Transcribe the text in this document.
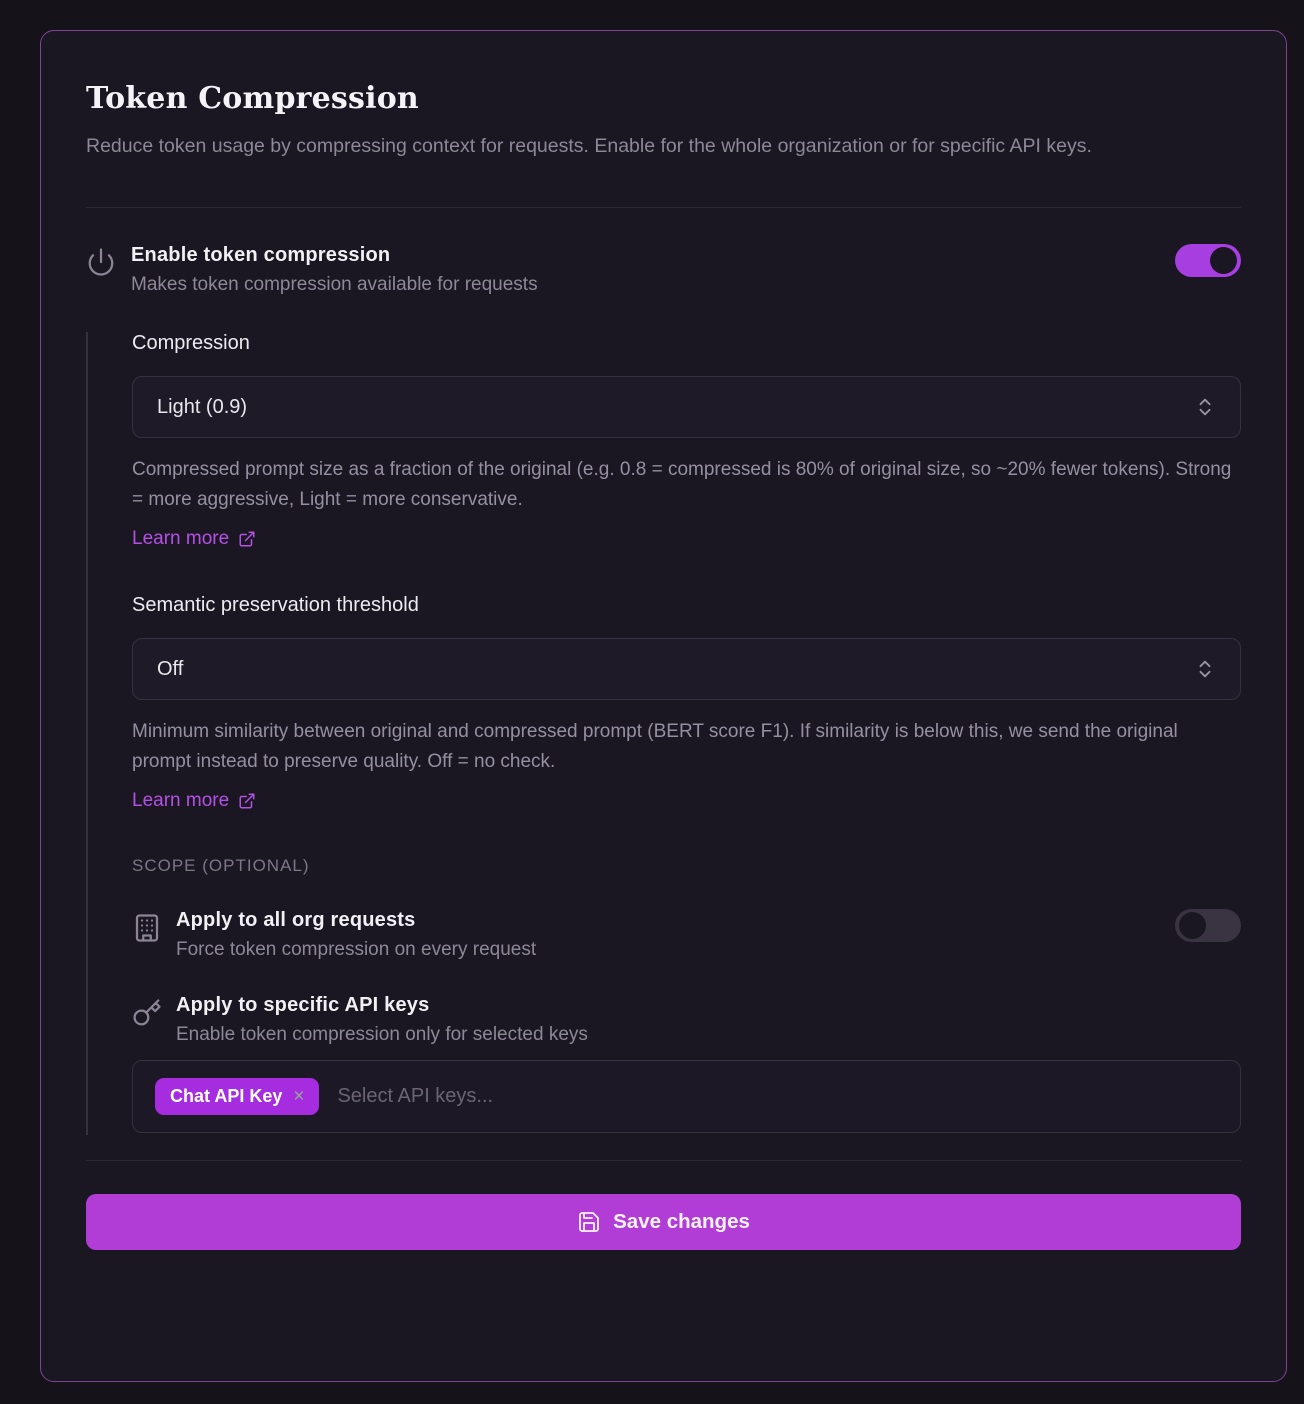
Token Compression
Reduce token usage by compressing context for requests. Enable for the whole organization or for specific API keys.
Enable token compression
Makes token compression available for requests
Compression
Light (0.9)
Compressed prompt size as a fraction of the original (e.g. 0.8 = compressed is 80% of original size, so ~20% fewer tokens). Strong = more aggressive, Light = more conservative.
Learn more
Semantic preservation threshold
Off
Minimum similarity between original and compressed prompt (BERT score F1). If similarity is below this, we send the original prompt instead to preserve quality. Off = no check.
Learn more
SCOPE (OPTIONAL)
Apply to all org requests
Force token compression on every request
Apply to specific API keys
Enable token compression only for selected keys
Chat API Key ×
Select API keys...
Save changes
